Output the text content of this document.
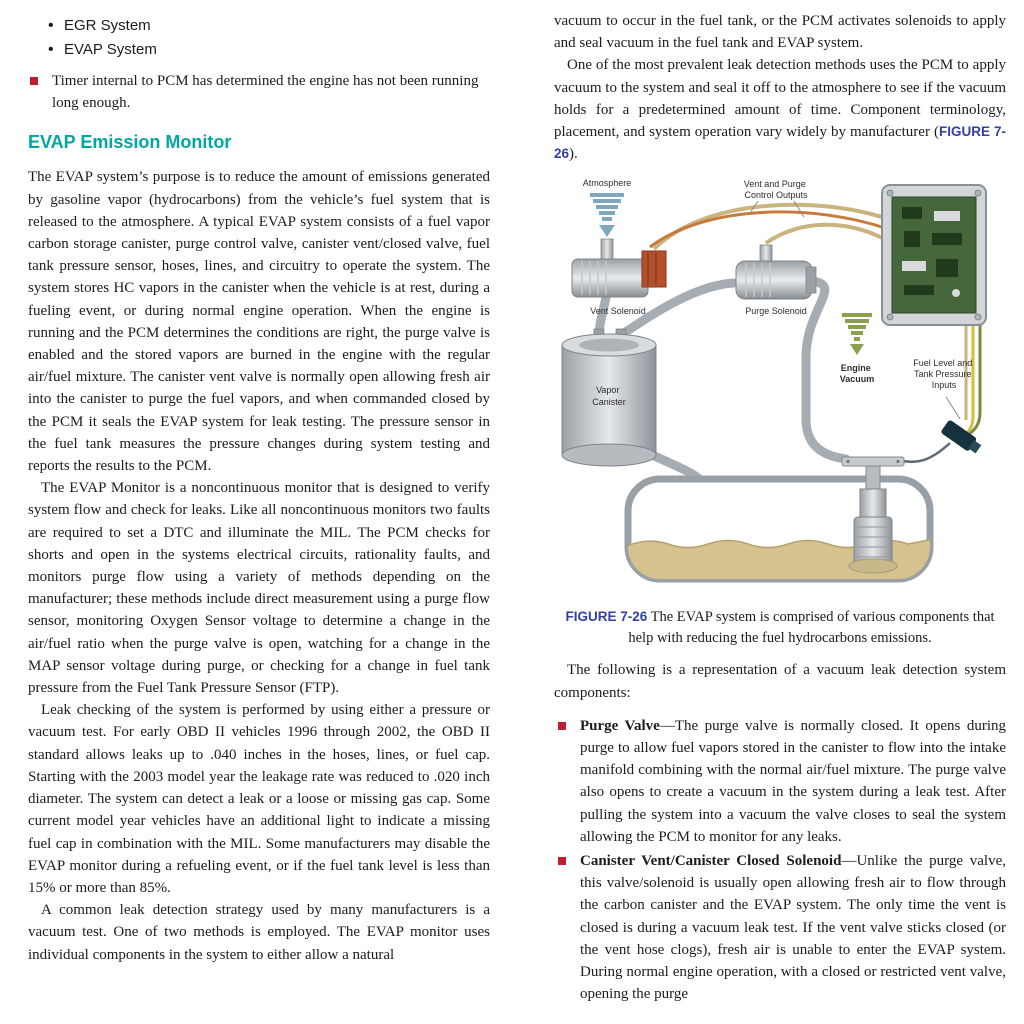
• EGR System
• EVAP System
Timer internal to PCM has determined the engine has not been running long enough.
EVAP Emission Monitor

The EVAP system’s purpose is to reduce the amount of emissions generated by gasoline vapor (hydrocarbons) from the vehicle’s fuel system that is released to the atmosphere. A typical EVAP system consists of a fuel vapor carbon storage canister, purge control valve, canister vent/closed valve, fuel tank pressure sensor, hoses, lines, and circuitry to operate the system. The system stores HC vapors in the canister when the vehicle is at rest, during a fueling event, or during normal engine operation. When the engine is running and the PCM determines the conditions are right, the purge valve is enabled and the stored vapors are burned in the engine with the regular air/fuel mixture. The canister vent valve is normally open allowing fresh air into the canister to purge the fuel vapors, and when commanded closed by the PCM it seals the EVAP system for leak testing. The pressure sensor in the fuel tank measures the pressure changes during system testing and reports the results to the PCM.

The EVAP Monitor is a noncontinuous monitor that is designed to verify system flow and check for leaks. Like all noncontinuous monitors two faults are required to set a DTC and illuminate the MIL. The PCM checks for shorts and open in the systems electrical circuits, rationality faults, and monitors purge flow using a variety of methods depending on the manufacturer; these methods include direct measurement using a purge flow sensor, monitoring Oxygen Sensor voltage to determine a change in the air/fuel ratio when the purge valve is open, watching for a change in the MAP sensor voltage during purge, or checking for a change in fuel tank pressure from the Fuel Tank Pressure Sensor (FTP).

Leak checking of the system is performed by using either a pressure or vacuum test. For early OBD II vehicles 1996 through 2002, the OBD II standard allows leaks up to .040 inches in the hoses, lines, or fuel cap. Starting with the 2003 model year the leakage rate was reduced to .020 inch diameter. The system can detect a leak or a loose or missing gas cap. Some current model year vehicles have an additional light to indicate a missing fuel cap in combination with the MIL. Some manufacturers may disable the EVAP monitor during a refueling event, or if the fuel tank level is less than 15% or more than 85%.

A common leak detection strategy used by many manufacturers is a vacuum test. One of two methods is employed. The EVAP monitor uses individual components in the system to either allow a natural

vacuum to occur in the fuel tank, or the PCM activates solenoids to apply and seal vacuum in the fuel tank and EVAP system.

One of the most prevalent leak detection methods uses the PCM to apply vacuum to the system and seal it off to the atmosphere to see if the vacuum holds for a predetermined amount of time. Component terminology, placement, and system operation vary widely by manufacturer (FIGURE 7-26).

Atmosphere	Vent and Purge Control Outputs
Vent Solenoid	Purge Solenoid
Vapor Canister
Engine Vacuum
Fuel Level and Tank Pressure Inputs
FIGURE 7-26 The EVAP system is comprised of various components that help with reducing the fuel hydrocarbons emissions.

The following is a representation of a vacuum leak detection system components:

Purge Valve—The purge valve is normally closed. It opens during purge to allow fuel vapors stored in the canister to flow into the intake manifold combining with the normal air/fuel mixture. The purge valve also opens to create a vacuum in the system during a leak test. After pulling the system into a vacuum the valve closes to seal the system allowing the PCM to monitor for any leaks.
Canister Vent/Canister Closed Solenoid—Unlike the purge valve, this valve/solenoid is usually open allowing fresh air to flow through the carbon canister and the EVAP system. The only time the vent is closed is during a vacuum leak test. If the vent valve sticks closed (or the vent hose clogs), fresh air is unable to enter the EVAP system. During normal engine operation, with a closed or restricted vent valve, opening the purge
